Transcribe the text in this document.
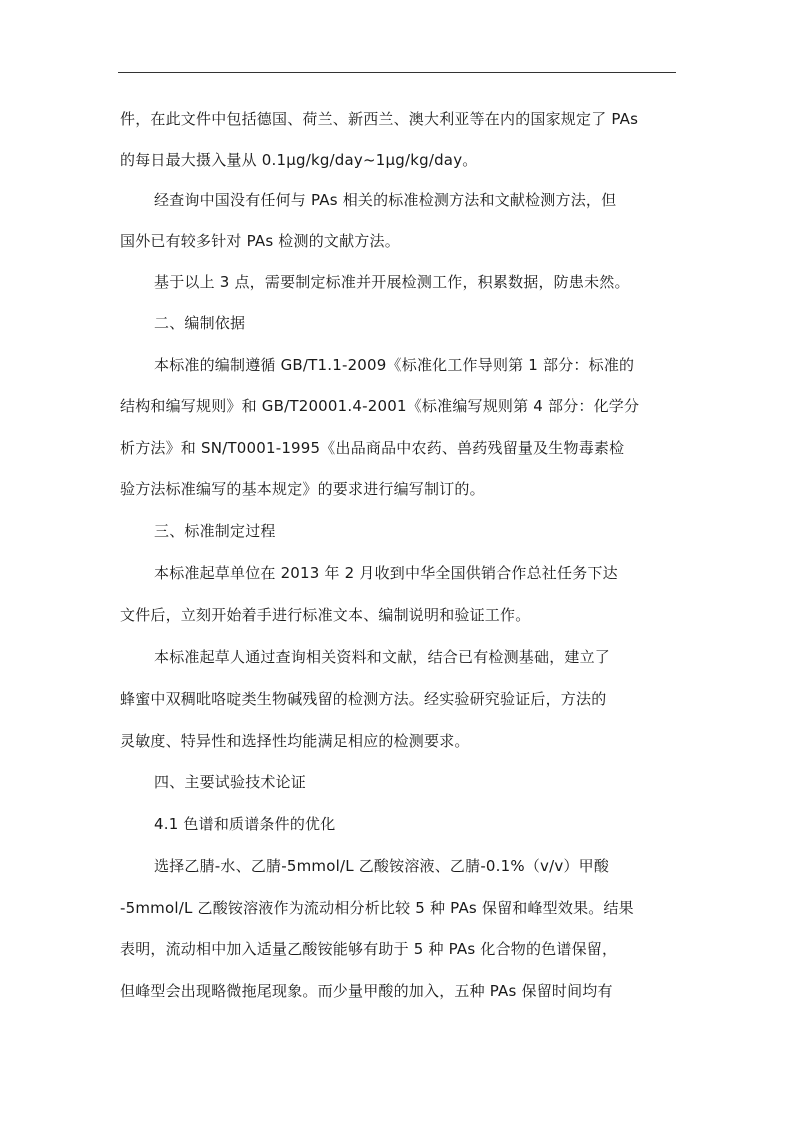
件，在此文件中包括德国、荷兰、新西兰、澳大利亚等在内的国家规定了 PAs
的每日最大摄入量从 0.1μg/kg/day~1μg/kg/day。
经查询中国没有任何与 PAs 相关的标准检测方法和文献检测方法，但
国外已有较多针对 PAs 检测的文献方法。
基于以上 3 点，需要制定标准并开展检测工作，积累数据，防患未然。
二、编制依据
本标准的编制遵循 GB/T1.1-2009《标准化工作导则第 1 部分：标准的
结构和编写规则》和 GB/T20001.4-2001《标准编写规则第 4 部分：化学分
析方法》和 SN/T0001-1995《出品商品中农药、兽药残留量及生物毒素检
验方法标准编写的基本规定》的要求进行编写制订的。
三、标准制定过程
本标准起草单位在 2013 年 2 月收到中华全国供销合作总社任务下达
文件后，立刻开始着手进行标准文本、编制说明和验证工作。
本标准起草人通过查询相关资料和文献，结合已有检测基础，建立了
蜂蜜中双稠吡咯啶类生物碱残留的检测方法。经实验研究验证后，方法的
灵敏度、特异性和选择性均能满足相应的检测要求。
四、主要试验技术论证
4.1 色谱和质谱条件的优化
选择乙腈-水、乙腈-5mmol/L 乙酸铵溶液、乙腈-0.1%（v/v）甲酸
-5mmol/L 乙酸铵溶液作为流动相分析比较 5 种 PAs 保留和峰型效果。结果
表明，流动相中加入适量乙酸铵能够有助于 5 种 PAs 化合物的色谱保留，
但峰型会出现略微拖尾现象。而少量甲酸的加入，五种 PAs 保留时间均有
